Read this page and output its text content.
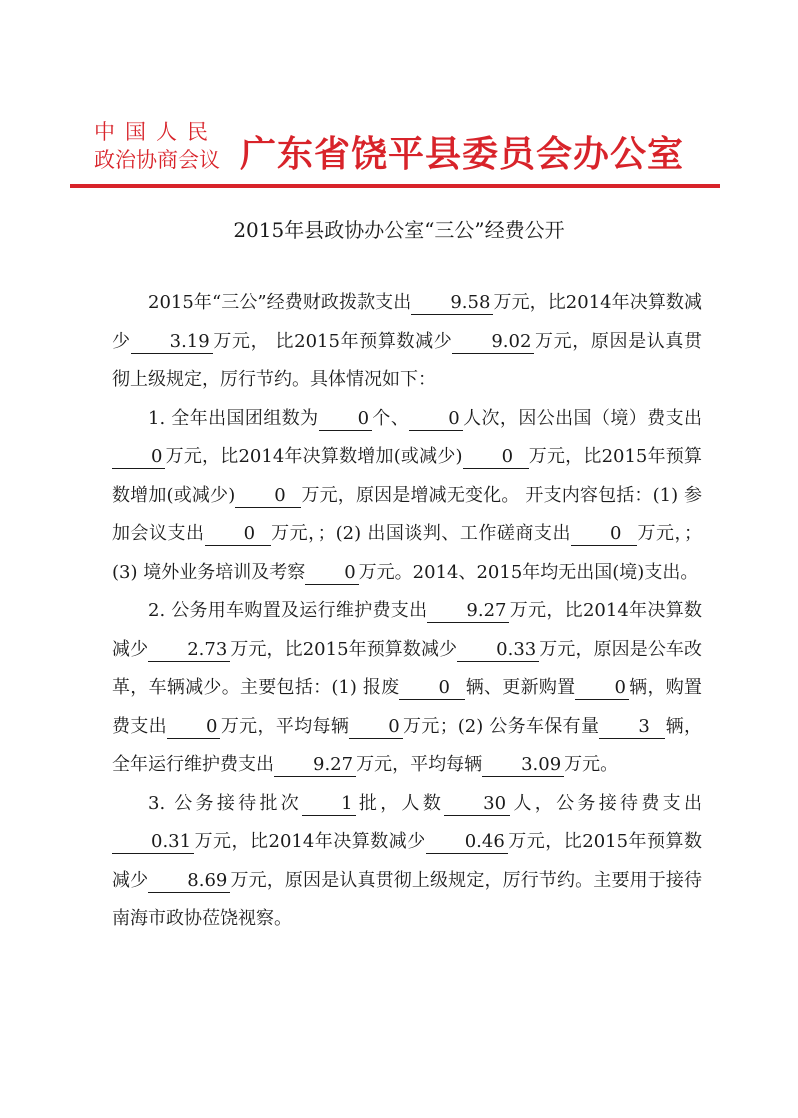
中国人民
政治协商会议 广东省饶平县委员会办公室
2015年县政协办公室“三公”经费公开

2015年“三公”经费财政拨款支出 9.58 万元，比2014年决算数减少 3.19 万元， 比2015年预算数减少 9.02 万元，原因是认真贯彻上级规定，厉行节约。具体情况如下：

1. 全年出国团组数为 0 个、 0 人次，因公出国（境）费支出0 万元，比2014年决算数增加(或减少) 0 万元，比2015年预算数增加(或减少) 0 万元，原因是增减无变化。 开支内容包括：(1) 参加会议支出 0 万元，；(2) 出国谈判、工作磋商支出 0 万元，；(3) 境外业务培训及考察 0 万元。2014、2015年均无出国(境)支出。

2. 公务用车购置及运行维护费支出 9.27 万元，比2014年决算数减少 2.73 万元，比2015年预算数减少 0.33 万元，原因是公车改革，车辆减少。主要包括：(1) 报废 0 辆、更新购置 0 辆，购置费支出 0 万元，平均每辆 0 万元；(2) 公务车保有量 3 辆，全年运行维护费支出 9.27 万元，平均每辆 3.09 万元。

3. 公务接待批次 1 批，人数 30 人，公务接待费支出0.31 万元，比2014年决算数减少 0.46 万元，比2015年预算数减少 8.69 万元，原因是认真贯彻上级规定，厉行节约。主要用于接待南海市政协莅饶视察。
